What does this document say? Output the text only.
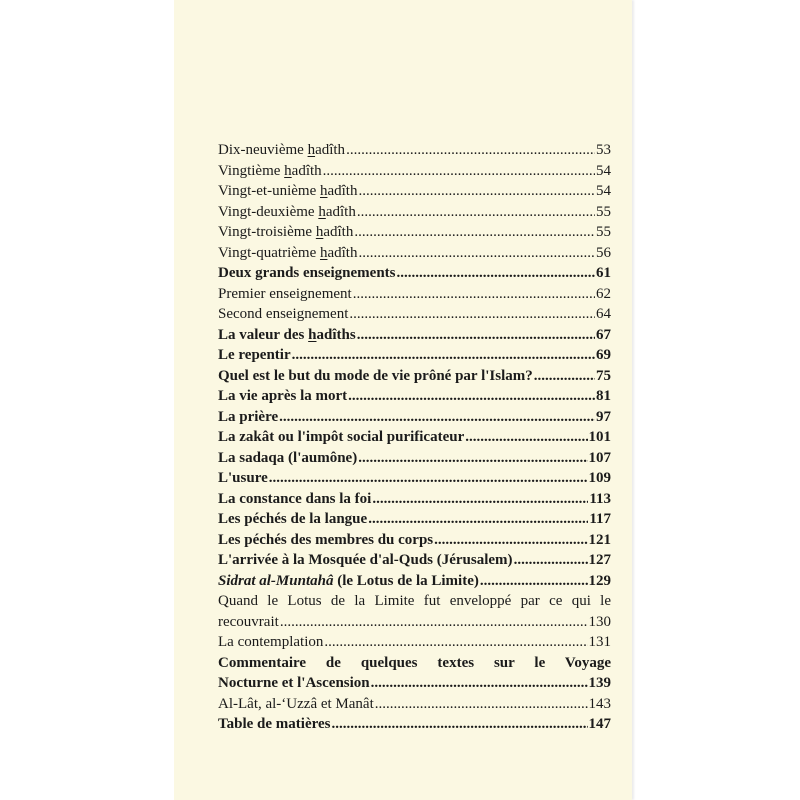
Dix-neuvième hadîth .....	53
Vingtième hadîth .....	54
Vingt-et-unième hadîth .....	54
Vingt-deuxième hadîth .....	55
Vingt-troisième hadîth .....	55
Vingt-quatrième hadîth .....	56
Deux grands enseignements .....	61
Premier enseignement .....	62
Second enseignement .....	64
La valeur des hadîths .....	67
Le repentir .....	69
Quel est le but du mode de vie prôné par l'Islam? .....	75
La vie après la mort .....	81
La prière .....	97
La zakât ou l'impôt social purificateur .....	101
La sadaqa (l'aumône) .....	107
L'usure .....	109
La constance dans la foi .....	113
Les péchés de la langue .....	117
Les péchés des membres du corps .....	121
L'arrivée à la Mosquée d'al-Quds (Jérusalem) .....	127
Sidrat al-Muntahâ (le Lotus de la Limite) .....	129
Quand le Lotus de la Limite fut enveloppé par ce qui le
recouvrait .....	130
La contemplation .....	131
Commentaire de quelques textes sur le Voyage
Nocturne et l'Ascension .....	139
Al-Lât, al-‘Uzzâ et Manât .....	143
Table de matières .....	147
